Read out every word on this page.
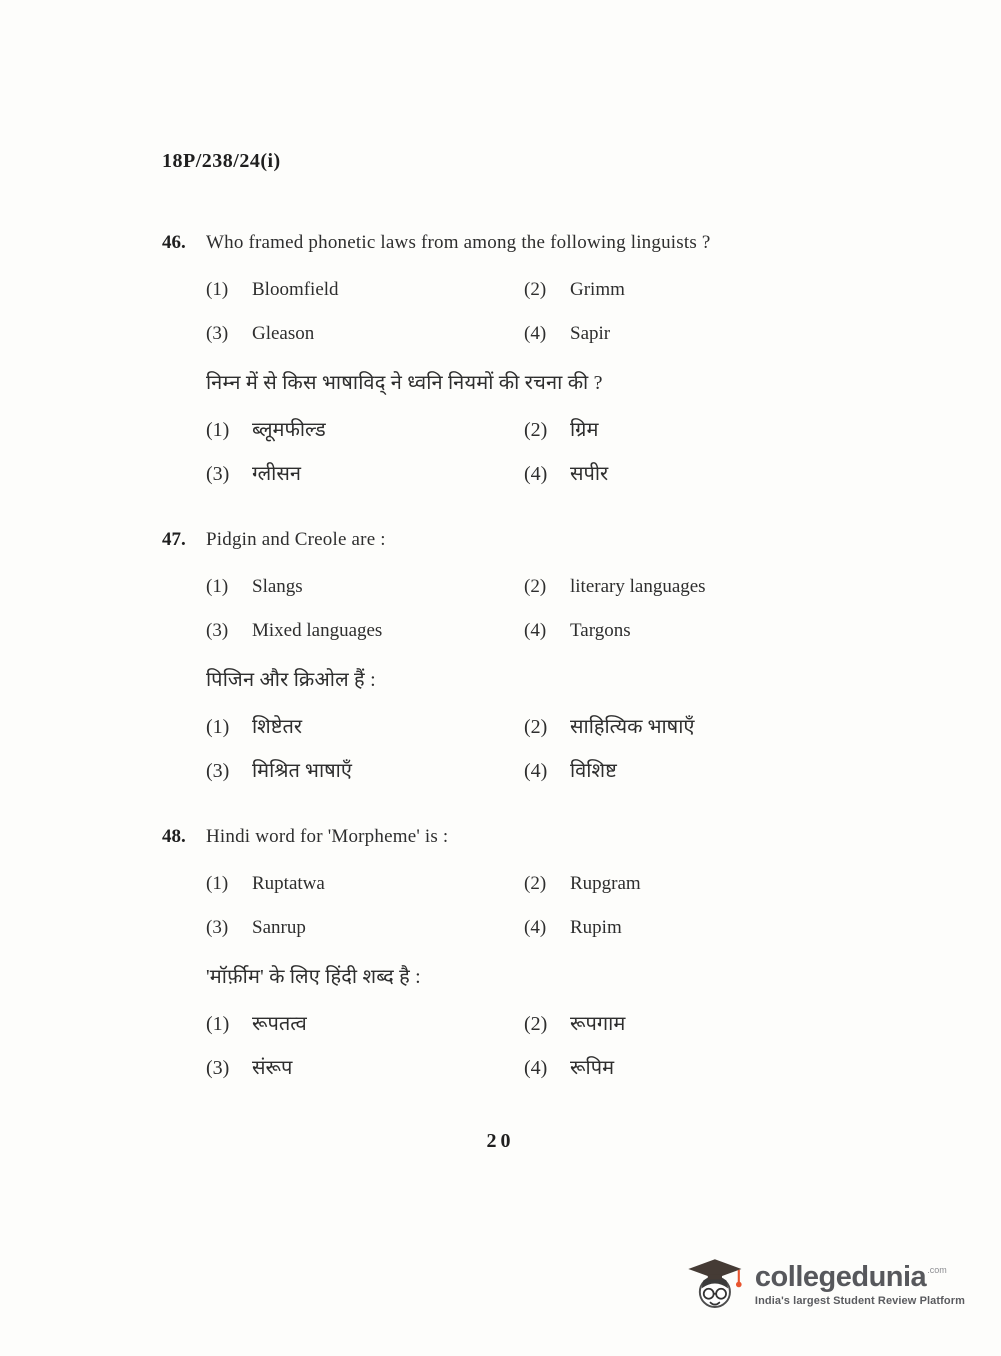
18P/238/24(i)
46.	Who framed phonetic laws from among the following linguists ?
(1)	Bloomfield	(2)	Grimm
(3)	Gleason	(4)	Sapir
निम्न में से किस भाषाविद् ने ध्वनि नियमों की रचना की ?
(1)	ब्लूमफील्ड	(2)	ग्रिम
(3)	ग्लीसन	(4)	सपीर
47.	Pidgin and Creole are :
(1)	Slangs	(2)	literary languages
(3)	Mixed languages	(4)	Targons
पिजिन और क्रिओल हैं :
(1)	शिष्टेतर	(2)	साहित्यिक भाषाएँ
(3)	मिश्रित भाषाएँ	(4)	विशिष्ट
48.	Hindi word for 'Morpheme' is :
(1)	Ruptatwa	(2)	Rupgram
(3)	Sanrup	(4)	Rupim
'मॉर्फ़ीम' के लिए हिंदी शब्द है :
(1)	रूपतत्व	(2)	रूपगाम
(3)	संरूप	(4)	रूपिम
20
collegedunia .com
India's largest Student Review Platform
